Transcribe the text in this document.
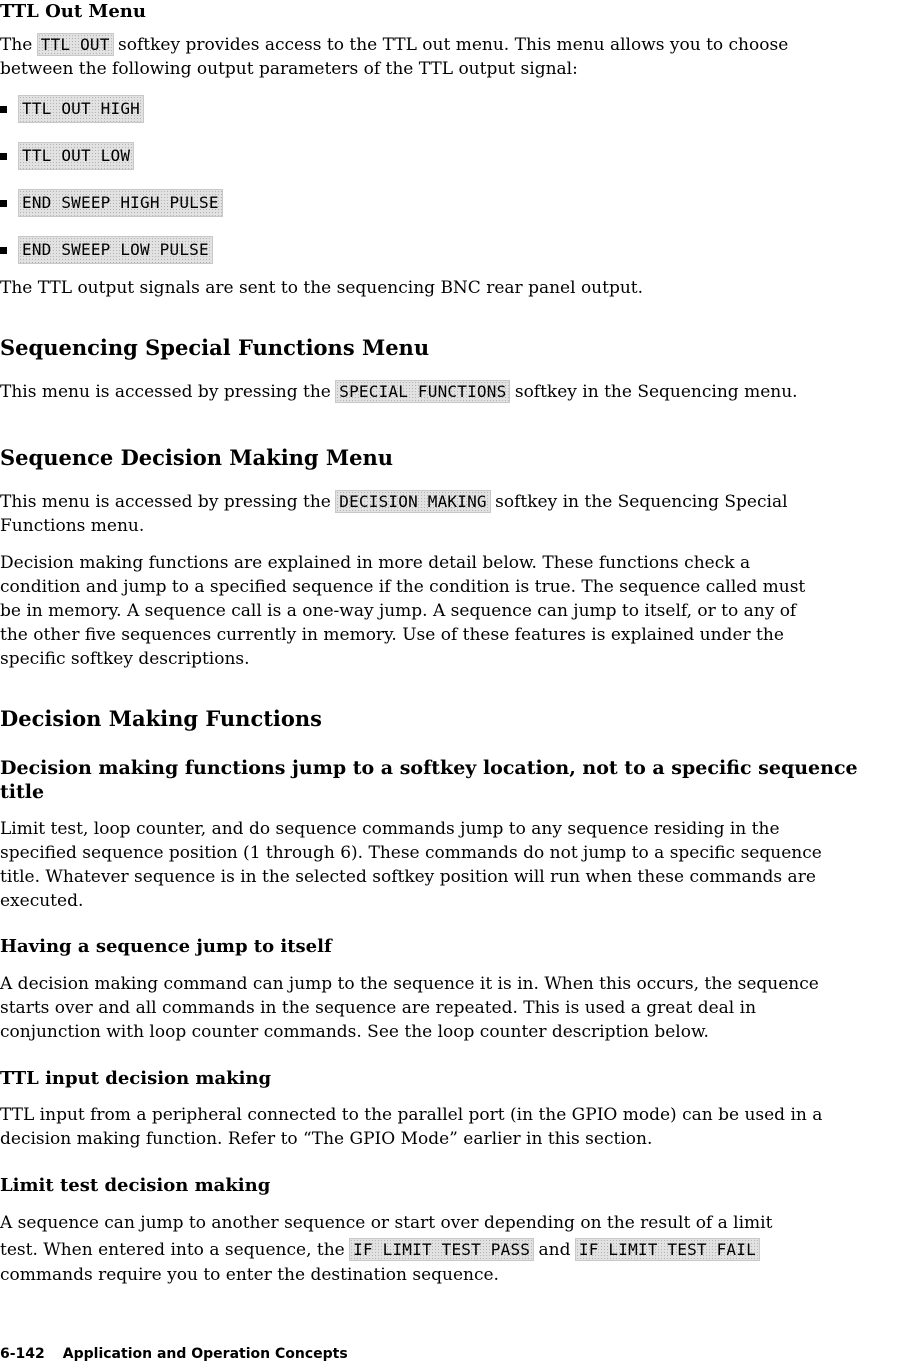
TTL Out Menu
The TTL OUT softkey provides access to the TTL out menu. This menu allows you to choose
between the following output parameters of the TTL output signal:
TTL OUT HIGH
TTL OUT LOW
END SWEEP HIGH PULSE
END SWEEP LOW PULSE
The TTL output signals are sent to the sequencing BNC rear panel output.
Sequencing Special Functions Menu
This menu is accessed by pressing the SPECIAL FUNCTIONS softkey in the Sequencing menu.
Sequence Decision Making Menu
This menu is accessed by pressing the DECISION MAKING softkey in the Sequencing Special
Functions menu.
Decision making functions are explained in more detail below. These functions check a
condition and jump to a specified sequence if the condition is true. The sequence called must
be in memory. A sequence call is a one-way jump. A sequence can jump to itself, or to any of
the other five sequences currently in memory. Use of these features is explained under the
specific softkey descriptions.
Decision Making Functions
Decision making functions jump to a softkey location, not to a specific sequence
title
Limit test, loop counter, and do sequence commands jump to any sequence residing in the
specified sequence position (1 through 6). These commands do not jump to a specific sequence
title. Whatever sequence is in the selected softkey position will run when these commands are
executed.
Having a sequence jump to itself
A decision making command can jump to the sequence it is in. When this occurs, the sequence
starts over and all commands in the sequence are repeated. This is used a great deal in
conjunction with loop counter commands. See the loop counter description below.
TTL input decision making
TTL input from a peripheral connected to the parallel port (in the GPIO mode) can be used in a
decision making function. Refer to “The GPIO Mode” earlier in this section.
Limit test decision making
A sequence can jump to another sequence or start over depending on the result of a limit
test. When entered into a sequence, the IF LIMIT TEST PASS and IF LIMIT TEST FAIL
commands require you to enter the destination sequence.
6-142 Application and Operation Concepts
